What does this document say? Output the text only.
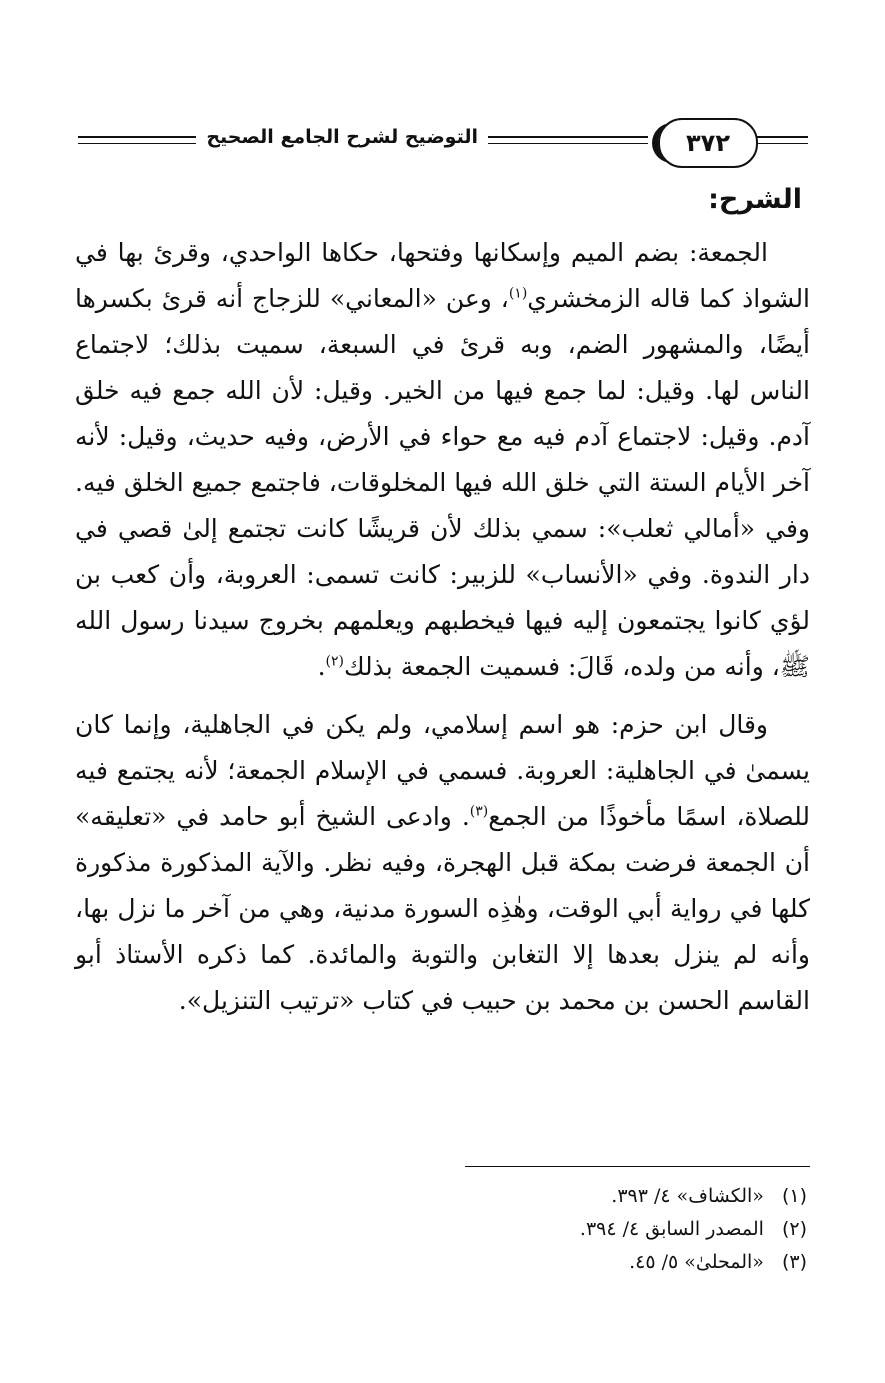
٣٧٢
التوضيح لشرح الجامع الصحيح
الشرح:

الجمعة: بضم الميم وإسكانها وفتحها، حكاها الواحدي، وقرئ بها في الشواذ كما قاله الزمخشري$^{(١)}$، وعن «المعاني» للزجاج أنه قرئ بكسرها أيضًا، والمشهور الضم، وبه قرئ في السبعة، سميت بذلك؛ لاجتماع الناس لها. وقيل: لما جمع فيها من الخير. وقيل: لأن الله جمع فيه خلق آدم. وقيل: لاجتماع آدم فيه مع حواء في الأرض، وفيه حديث، وقيل: لأنه آخر الأيام الستة التي خلق الله فيها المخلوقات، فاجتمع جميع الخلق فيه. وفي «أمالي ثعلب»: سمي بذلك لأن قريشًا كانت تجتمع إلىٰ قصي في دار الندوة. وفي «الأنساب» للزبير: كانت تسمى: العروبة، وأن كعب بن لؤي كانوا يجتمعون إليه فيها فيخطبهم ويعلمهم بخروج سيدنا رسول الله ﷺ، وأنه من ولده، قَالَ: فسميت الجمعة بذلك$^{(٢)}$.

وقال ابن حزم: هو اسم إسلامي، ولم يكن في الجاهلية، وإنما كان يسمىٰ في الجاهلية: العروبة. فسمي في الإسلام الجمعة؛ لأنه يجتمع فيه للصلاة، اسمًا مأخوذًا من الجمع$^{(٣)}$. وادعى الشيخ أبو حامد في «تعليقه» أن الجمعة فرضت بمكة قبل الهجرة، وفيه نظر. والآية المذكورة مذكورة كلها في رواية أبي الوقت، وهٰذِه السورة مدنية، وهي من آخر ما نزل بها، وأنه لم ينزل بعدها إلا التغابن والتوبة والمائدة. كما ذكره الأستاذ أبو القاسم الحسن بن محمد بن حبيب في كتاب «ترتيب التنزيل».

(١)
«الكشاف» ٤/ ٣٩٣.
(٢)
المصدر السابق ٤/ ٣٩٤.
(٣)
«المحلىٰ» ٥/ ٤٥.
